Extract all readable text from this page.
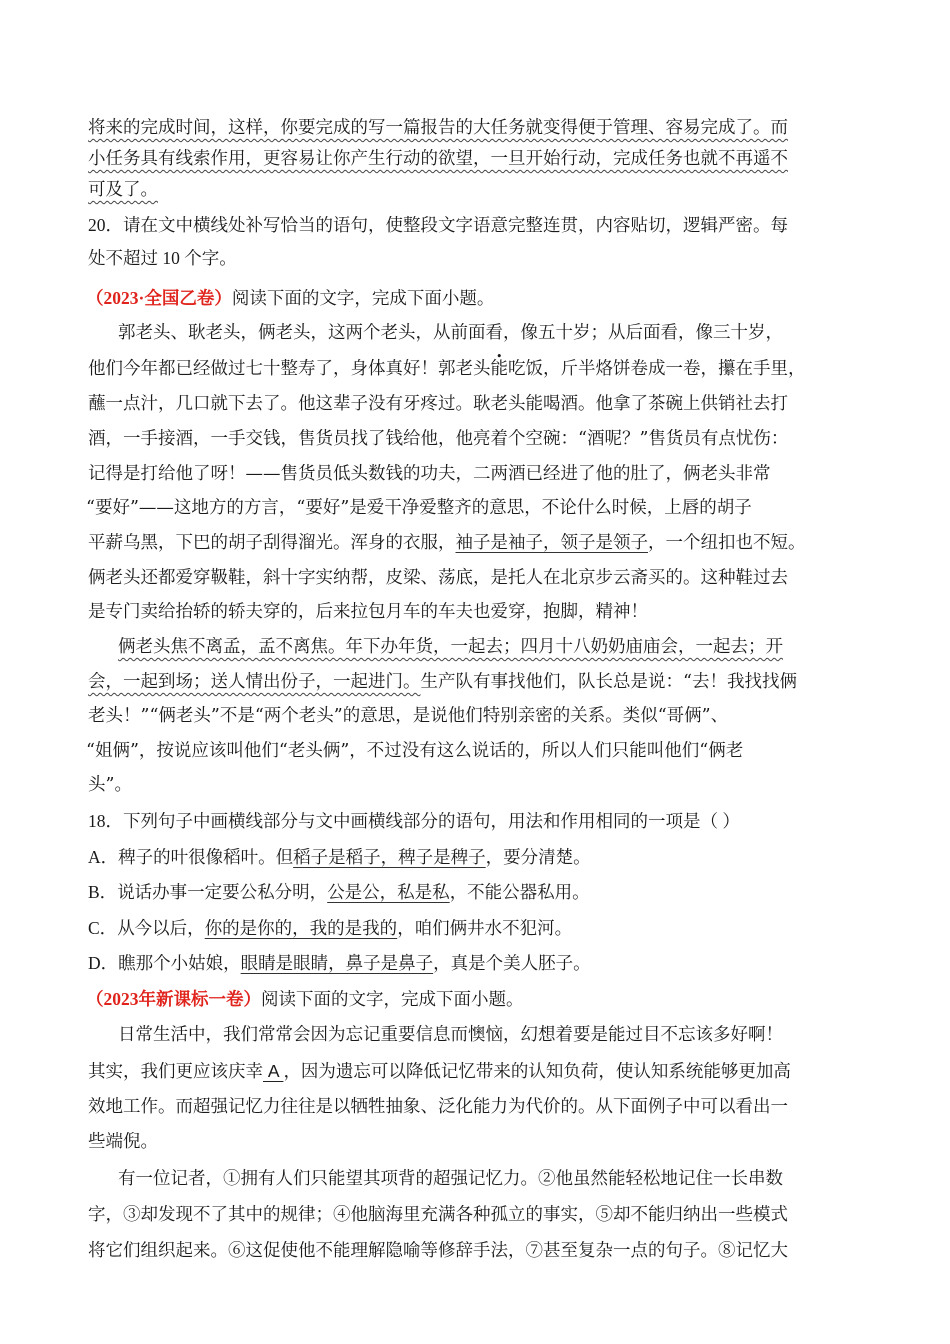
将来的完成时间，这样，你要完成的写一篇报告的大任务就变得便于管理、容易完成了。而
小任务具有线索作用，更容易让你产生行动的欲望，一旦开始行动，完成任务也就不再遥不
可及了。
20．请在文中横线处补写恰当的语句，使整段文字语意完整连贯，内容贴切，逻辑严密。每
处不超过 10 个字。
（2023·全国乙卷）阅读下面的文字，完成下面小题。
郭老头、耿老头，俩老头，这两个老头，从前面看，像五十岁；从后面看，像三十岁，
他们今年都已经做过七十整寿了，身体真好！郭老头能吃饭，斤半烙饼卷成一卷，攥在手里，
蘸一点汁，几口就下去了。他这辈子没有牙疼过。耿老头能喝酒。他拿了茶碗上供销社去打
酒，一手接酒，一手交钱，售货员找了钱给他，他亮着个空碗：“酒呢？”售货员有点忧伤：
记得是打给他了呀！——售货员低头数钱的功夫，二两酒已经进了他的肚了，俩老头非常
“要好”——这地方的方言，“要好”是爱干净爱整齐的意思，不论什么时候，上唇的胡子
平薪乌黑，下巴的胡子刮得溜光。浑身的衣服，袖子是袖子，领子是领子，一个纽扣也不短。
俩老头还都爱穿靸鞋，斜十字实纳帮，皮梁、荡底，是托人在北京步云斋买的。这种鞋过去
是专门卖给抬轿的轿夫穿的，后来拉包月车的车夫也爱穿，抱脚，精神！
俩老头焦不离孟，孟不离焦。年下办年货，一起去；四月十八奶奶庙庙会，一起去；开
会，一起到场；送人情出份子，一起进门。生产队有事找他们，队长总是说：“去！我找找俩
老头！”“俩老头”不是“两个老头”的意思，是说他们特别亲密的关系。类似“哥俩”、
“姐俩”，按说应该叫他们“老头俩”，不过没有这么说话的，所以人们只能叫他们“俩老
头”。
18．下列句子中画横线部分与文中画横线部分的语句，用法和作用相同的一项是（ ）
A．稗子的叶很像稻叶。但稻子是稻子，稗子是稗子，要分清楚。
B．说话办事一定要公私分明，公是公，私是私，不能公器私用。
C．从今以后，你的是你的，我的是我的，咱们俩井水不犯河。
D．瞧那个小姑娘，眼睛是眼睛，鼻子是鼻子，真是个美人胚子。
（2023年新课标一卷）阅读下面的文字，完成下面小题。
日常生活中，我们常常会因为忘记重要信息而懊恼，幻想着要是能过目不忘该多好啊！
其实，我们更应该庆幸 A ，因为遗忘可以降低记忆带来的认知负荷，使认知系统能够更加高
效地工作。而超强记忆力往往是以牺牲抽象、泛化能力为代价的。从下面例子中可以看出一
些端倪。
有一位记者，①拥有人们只能望其项背的超强记忆力。②他虽然能轻松地记住一长串数
字，③却发现不了其中的规律；④他脑海里充满各种孤立的事实，⑤却不能归纳出一些模式
将它们组织起来。⑥这促使他不能理解隐喻等修辞手法，⑦甚至复杂一点的句子。⑧记忆大
